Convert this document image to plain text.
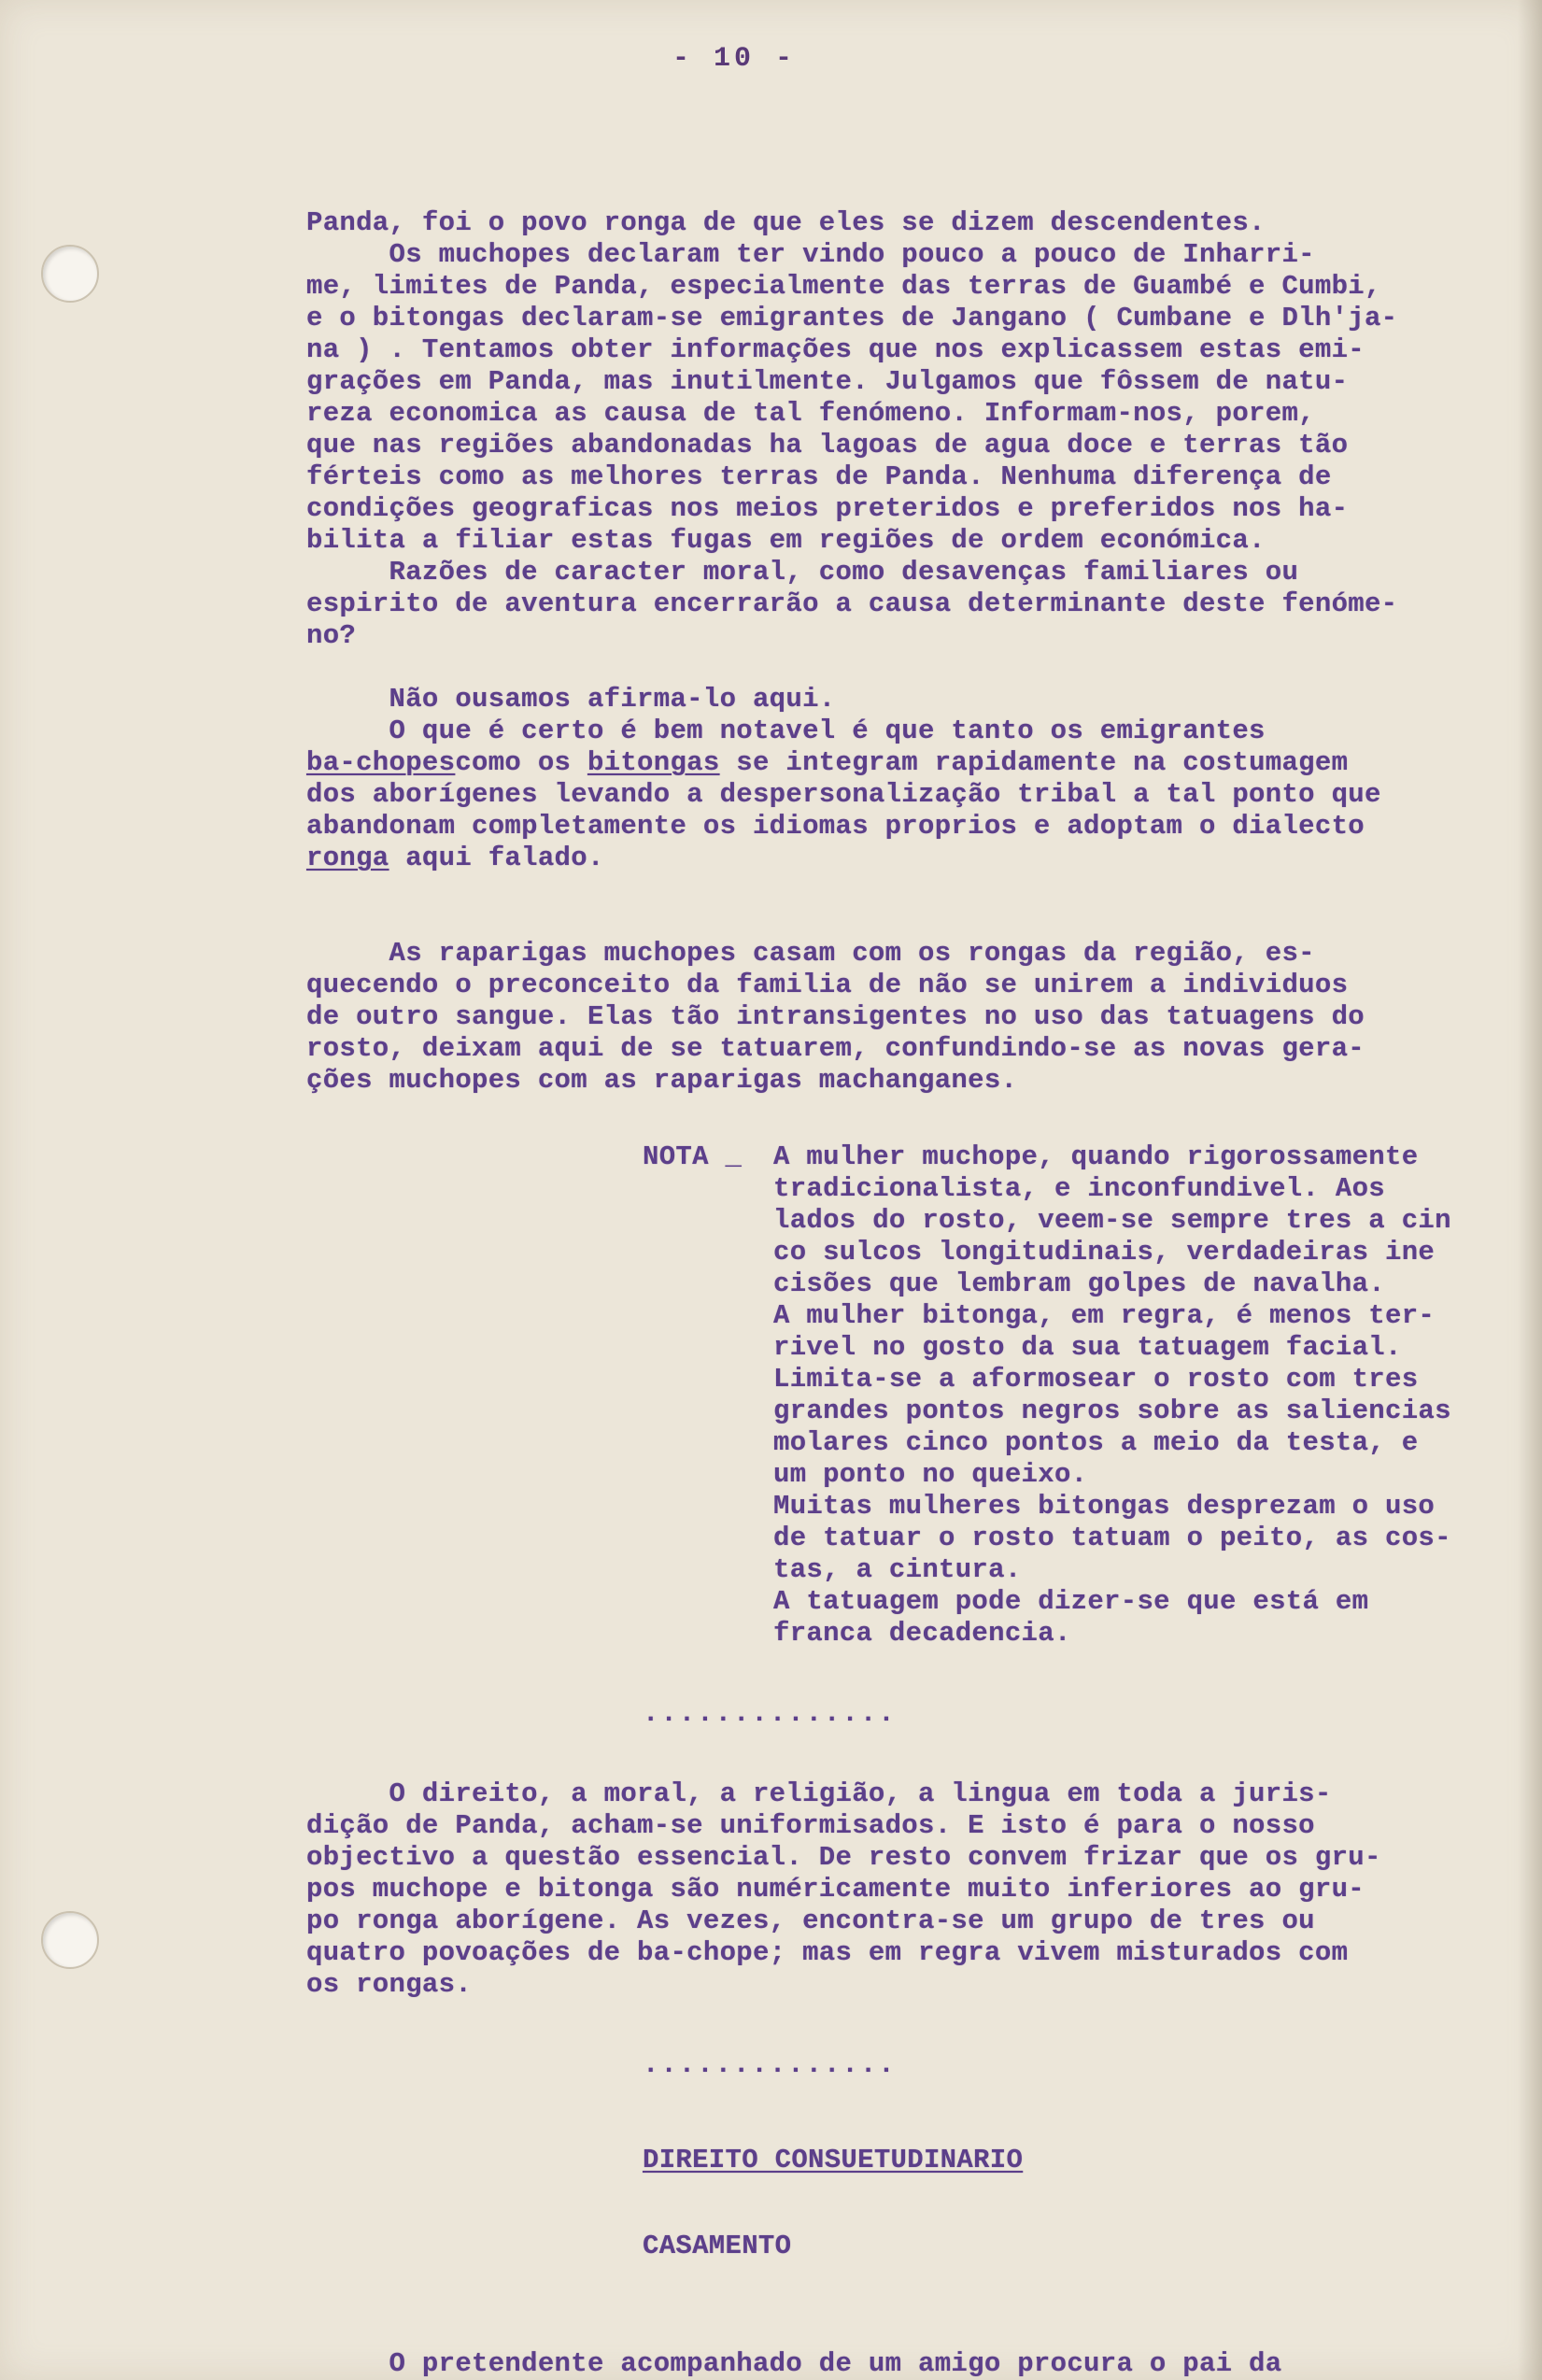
- 10 -

Panda, foi o povo ronga de que eles se dizem descendentes.

Os muchopes declaram ter vindo pouco a pouco de Inharri-

me, limites de Panda, especialmente das terras de Guambé e Cumbi,

e o bitongas declaram-se emigrantes de Jangano ( Cumbane e Dlh'ja-

na ) . Tentamos obter informações que nos explicassem estas emi-

grações em Panda, mas inutilmente. Julgamos que fôssem de natu-

reza economica as causa de tal fenómeno. Informam-nos, porem,

que nas regiões abandonadas ha lagoas de agua doce e terras tão

férteis como as melhores terras de Panda. Nenhuma diferença de

condições geograficas nos meios preteridos e preferidos nos ha-

bilita a filiar estas fugas em regiões de ordem económica.

Razões de caracter moral, como desavenças familiares ou

espirito de aventura encerrarão a causa determinante deste fenóme-

no?

Não ousamos afirma-lo aqui.

O que é certo é bem notavel é que tanto os emigrantes

ba-chopescomo os bitongas se integram rapidamente na costumagem

dos aborígenes levando a despersonalização tribal a tal ponto que

abandonam completamente os idiomas proprios e adoptam o dialecto

ronga aqui falado.

As raparigas muchopes casam com os rongas da região, es-

quecendo o preconceito da familia de não se unirem a individuos

de outro sangue. Elas tão intransigentes no uso das tatuagens do

rosto, deixam aqui de se tatuarem, confundindo-se as novas gera-

ções muchopes com as raparigas machanganes.

NOTA _	A mulher muchope, quando rigorossamente

tradicionalista, e inconfundivel. Aos

lados do rosto, veem-se sempre tres a cin

co sulcos longitudinais, verdadeiras ine

cisões que lembram golpes de navalha.

A mulher bitonga, em regra, é menos ter-

rivel no gosto da sua tatuagem facial.

Limita-se a aformosear o rosto com tres

grandes pontos negros sobre as saliencias

molares cinco pontos a meio da testa, e

um ponto no queixo.

Muitas mulheres bitongas desprezam o uso

de tatuar o rosto tatuam o peito, as cos-

tas, a cintura.

A tatuagem pode dizer-se que está em

franca decadencia.

..............

O direito, a moral, a religião, a lingua em toda a juris-

dição de Panda, acham-se uniformisados. E isto é para o nosso

objectivo a questão essencial. De resto convem frizar que os gru-

pos muchope e bitonga são numéricamente muito inferiores ao gru-

po ronga aborígene. As vezes, encontra-se um grupo de tres ou

quatro povoações de ba-chope; mas em regra vivem misturados com

os rongas.

..............

DIREITO CONSUETUDINARIO

CASAMENTO

O pretendente acompanhado de um amigo procura o pai da
